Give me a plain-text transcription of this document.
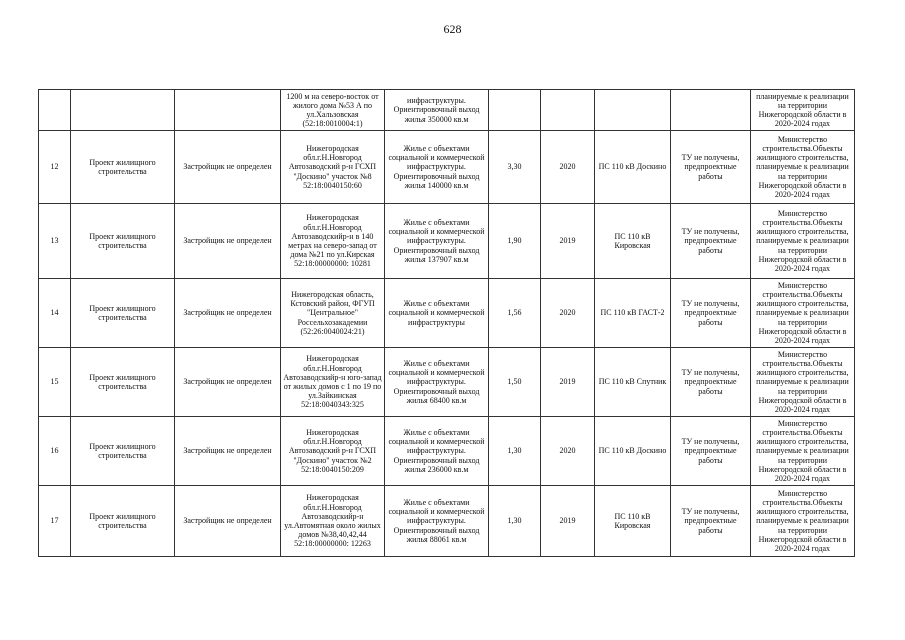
628
			1200 м на северо-восток от жилого дома №53 А по ул.Хальзовская (52:18:0010004:1)	инфраструктуры. Ориентировочный выход жилья 350000 кв.м					планируемые к реализации на территории Нижегородской области в 2020-2024 годах
12	Проект жилищного строительства	Застройщик не определен	Нижегородская обл.г.Н.Новгород Автозаводский р-н ГСХП "Доскино" участок №8 52:18:0040150:60	Жилье с объектами социальной и коммерческой инфраструктуры. Ориентировочный выход жилья 140000 кв.м	3,30	2020	ПС 110 кВ Доскино	ТУ не получены, предпроектные работы	Министерство строительства.Объекты жилищного строительства, планируемые к реализации на территории Нижегородской области в 2020-2024 годах
13	Проект жилищного строительства	Застройщик не определен	Нижегородская обл.г.Н.Новгород Автозаводскийр-н в 140 метрах на северо-запад от дома №21 по ул.Кирская 52:18:00000000: 10281	Жилье с объектами социальной и коммерческой инфраструктуры. Ориентировочный выход жилья 137907 кв.м	1,90	2019	ПС 110 кВ Кировская	ТУ не получены, предпроектные работы	Министерство строительства.Объекты жилищного строительства, планируемые к реализации на территории Нижегородской области в 2020-2024 годах
14	Проект жилищного строительства	Застройщик не определен	Нижегородская область, Кстовский район, ФГУП "Центральное" Россельхозакадемии (52:26:0040024:21)	Жилье с объектами социальной и коммерческой инфраструктуры	1,56	2020	ПС 110 кВ ГАСТ-2	ТУ не получены, предпроектные работы	Министерство строительства.Объекты жилищного строительства, планируемые к реализации на территории Нижегородской области в 2020-2024 годах
15	Проект жилищного строительства	Застройщик не определен	Нижегородская обл.г.Н.Новгород Автозаводскийр-н юго-запад от жилых домов с 1 по 19 по ул.Зайкинская 52:18:0040343:325	Жилье с объектами социальной и коммерческой инфраструктуры. Ориентировочный выход жилья 68400 кв.м	1,50	2019	ПС 110 кВ Спутник	ТУ не получены, предпроектные работы	Министерство строительства.Объекты жилищного строительства, планируемые к реализации на территории Нижегородской области в 2020-2024 годах
16	Проект жилищного строительства	Застройщик не определен	Нижегородская обл.г.Н.Новгород Автозаводский р-н ГСХП "Доскино" участок №2 52:18:0040150:209	Жилье с объектами социальной и коммерческой инфраструктуры. Ориентировочный выход жилья 236000 кв.м	1,30	2020	ПС 110 кВ Доскино	ТУ не получены, предпроектные работы	Министерство строительства.Объекты жилищного строительства, планируемые к реализации на территории Нижегородской области в 2020-2024 годах
17	Проект жилищного строительства	Застройщик не определен	Нижегородская обл.г.Н.Новгород Автозаводскийр-н ул.Автомятная около жилых домов №38,40,42,44 52:18:00000000: 12263	Жилье с объектами социальной и коммерческой инфраструктуры. Ориентировочный выход жилья 88061 кв.м	1,30	2019	ПС 110 кВ Кировская	ТУ не получены, предпроектные работы	Министерство строительства.Объекты жилищного строительства, планируемые к реализации на территории Нижегородской области в 2020-2024 годах
